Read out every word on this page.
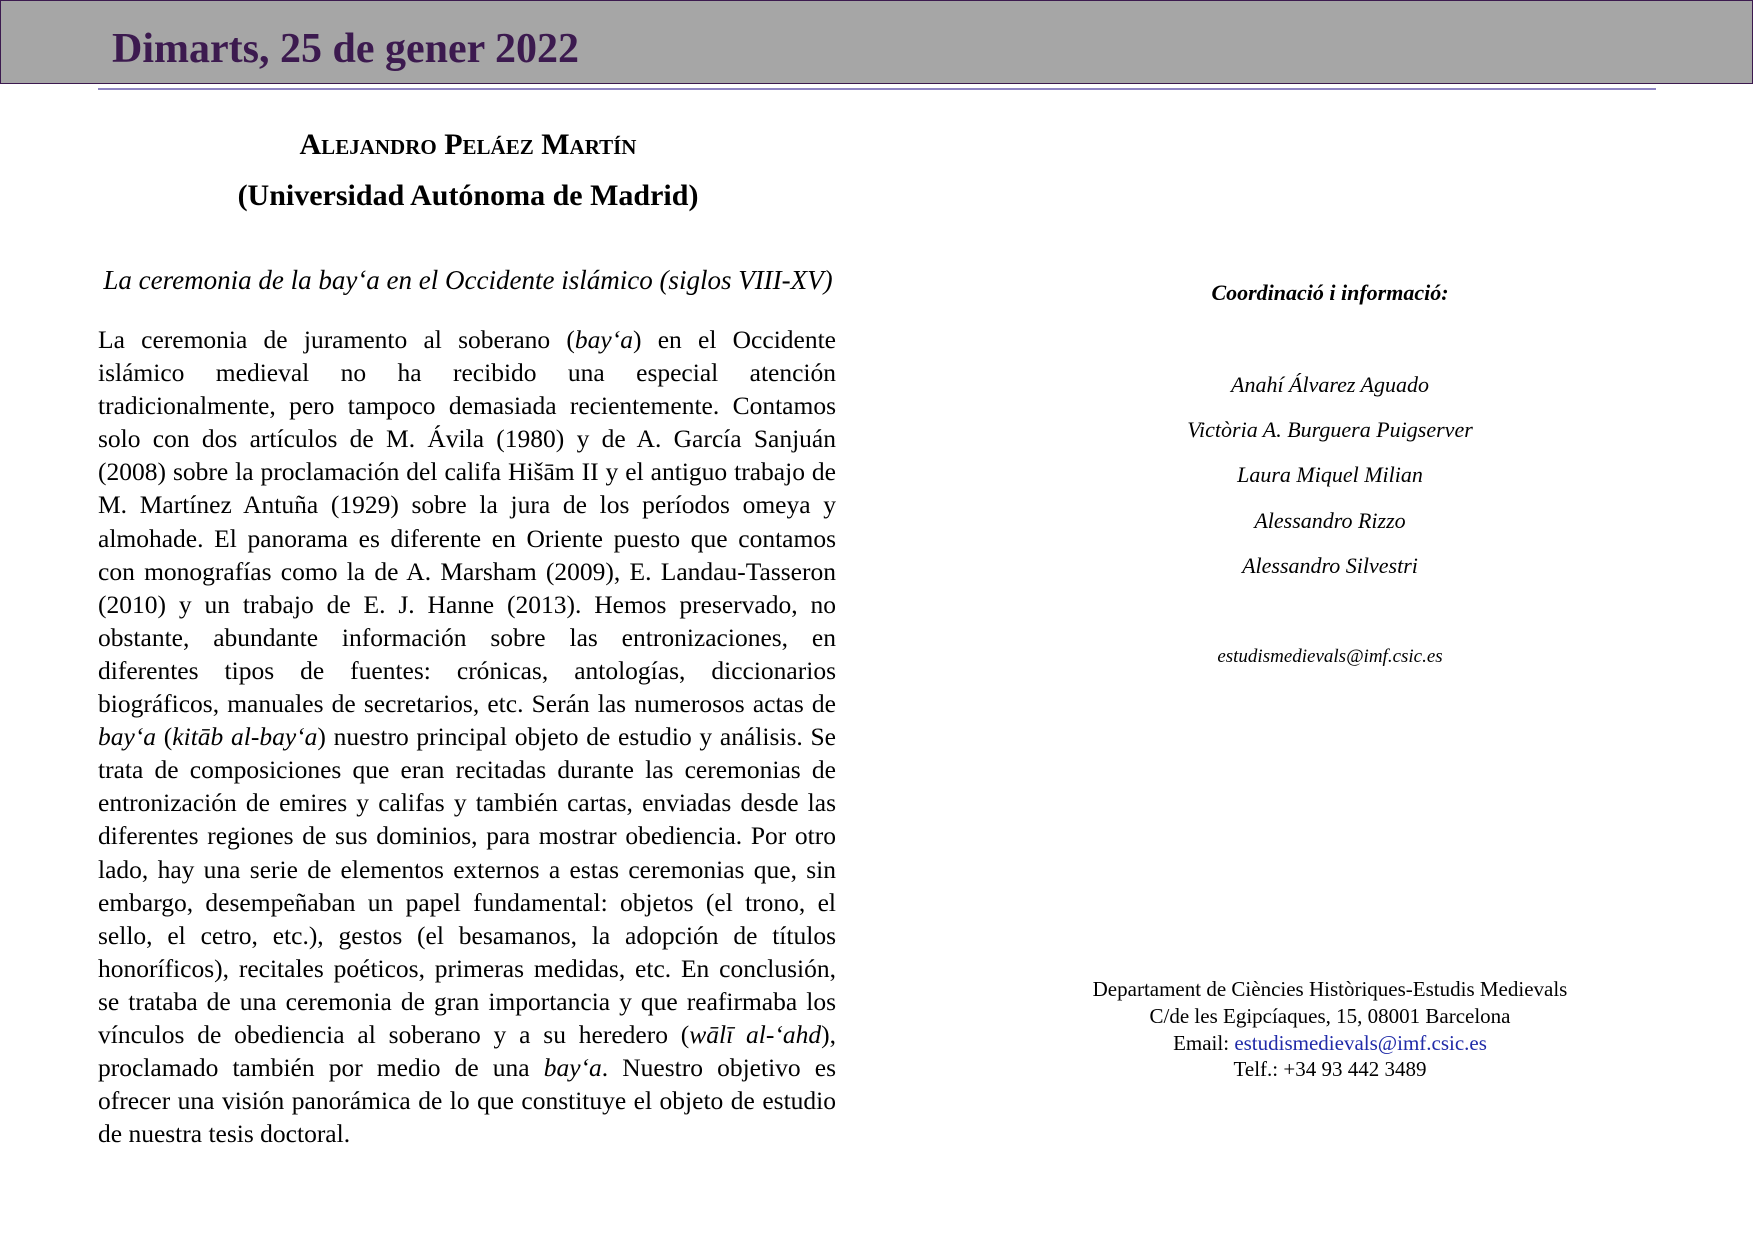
Dimarts, 25 de gener 2022
Alejandro Peláez Martín
(Universidad Autónoma de Madrid)
La ceremonia de la bay‘a en el Occidente islámico (siglos VIII-XV)

La ceremonia de juramento al soberano (bay‘a) en el Occidente islámico medieval no ha recibido una especial atención tradicionalmente, pero tampoco demasiada recientemente. Contamos solo con dos artículos de M. Ávila (1980) y de A. García Sanjuán (2008) sobre la proclamación del califa Hišām II y el antiguo trabajo de M. Martínez Antuña (1929) sobre la jura de los períodos omeya y almohade. El panorama es diferente en Oriente puesto que contamos con monografías como la de A. Marsham (2009), E. Landau-Tasseron (2010) y un trabajo de E. J. Hanne (2013). Hemos preservado, no obstante, abundante información sobre las entronizaciones, en diferentes tipos de fuentes: crónicas, antologías, diccionarios biográficos, manuales de secretarios, etc. Serán las numerosos actas de bay‘a (kitāb al-bay‘a) nuestro principal objeto de estudio y análisis. Se trata de composiciones que eran recitadas durante las ceremonias de entronización de emires y califas y también cartas, enviadas desde las diferentes regiones de sus dominios, para mostrar obediencia. Por otro lado, hay una serie de elementos externos a estas ceremonias que, sin embargo, desempeñaban un papel fundamental: objetos (el trono, el sello, el cetro, etc.), gestos (el besamanos, la adopción de títulos honoríficos), recitales poéticos, primeras medidas, etc. En conclusión, se trataba de una ceremonia de gran importancia y que reafirmaba los vínculos de obediencia al soberano y a su heredero (wālī al-‘ahd), proclamado también por medio de una bay‘a. Nuestro objetivo es ofrecer una visión panorámica de lo que constituye el objeto de estudio de nuestra tesis doctoral.

Coordinació i informació:
Anahí Álvarez Aguado
Victòria A. Burguera Puigserver
Laura Miquel Milian
Alessandro Rizzo
Alessandro Silvestri
estudismedievals@imf.csic.es
Departament de Ciències Històriques-Estudis Medievals
C/de les Egipcíaques, 15, 08001 Barcelona
Email: estudismedievals@imf.csic.es
Telf.: +34 93 442 3489
